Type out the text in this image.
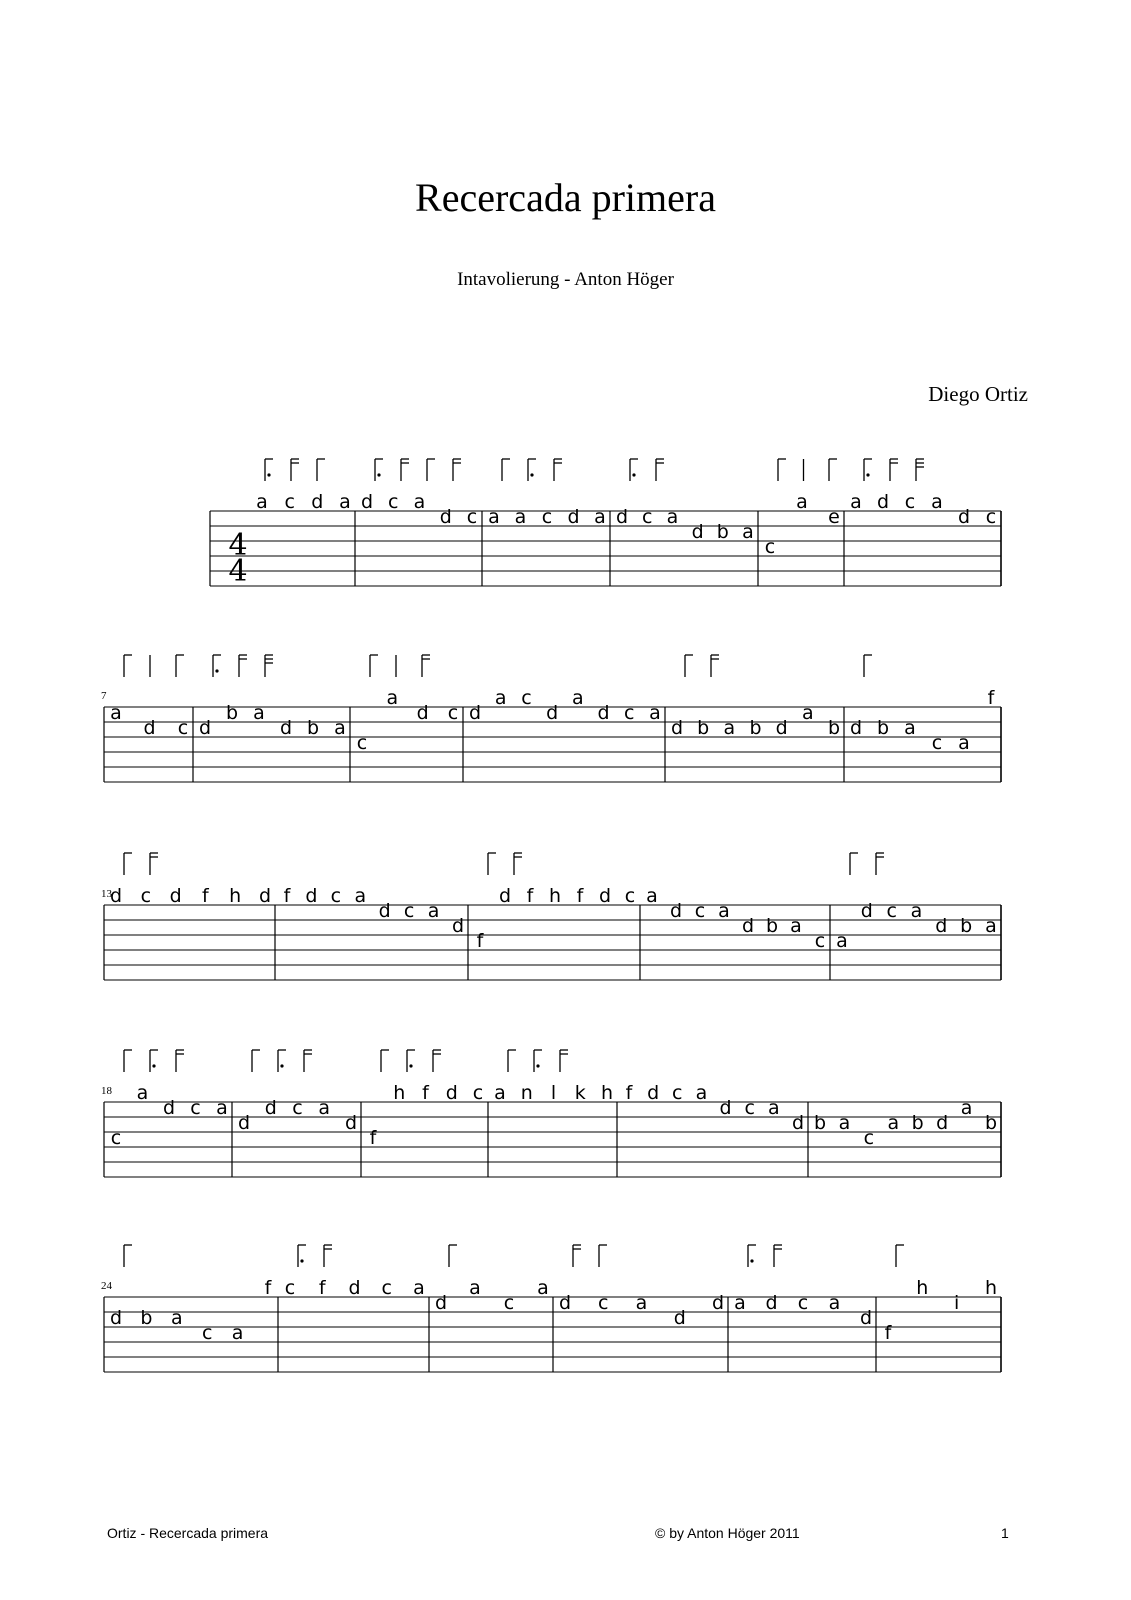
Recercada primera
Intavolierung - Anton Höger
Diego Ortiz
4
4
a c d a d c a
d c a a c d a d c a
d b a
c
a
e
a d c a
d c
7
a
d c d
b a
d b a
c
a
d c d
a c
d
a
d c a
d b a b d
a
b d b a
c a
f
13
d c d f h d f d c a
d c a
d
f
d f h f d c a
d c a
d b a
c a
d c a
d b a
18
c
a
d c a
d
d c a
d
f
h f d c a n l k h f d c a
d c a
d b a
c
a b d
a
b
24
d b a
c a
f c f d c a
d
a
c
a
d c a
d
d a d c a
d
f
h
i
h
Ortiz - Recercada primera	© by Anton Höger 2011	1
